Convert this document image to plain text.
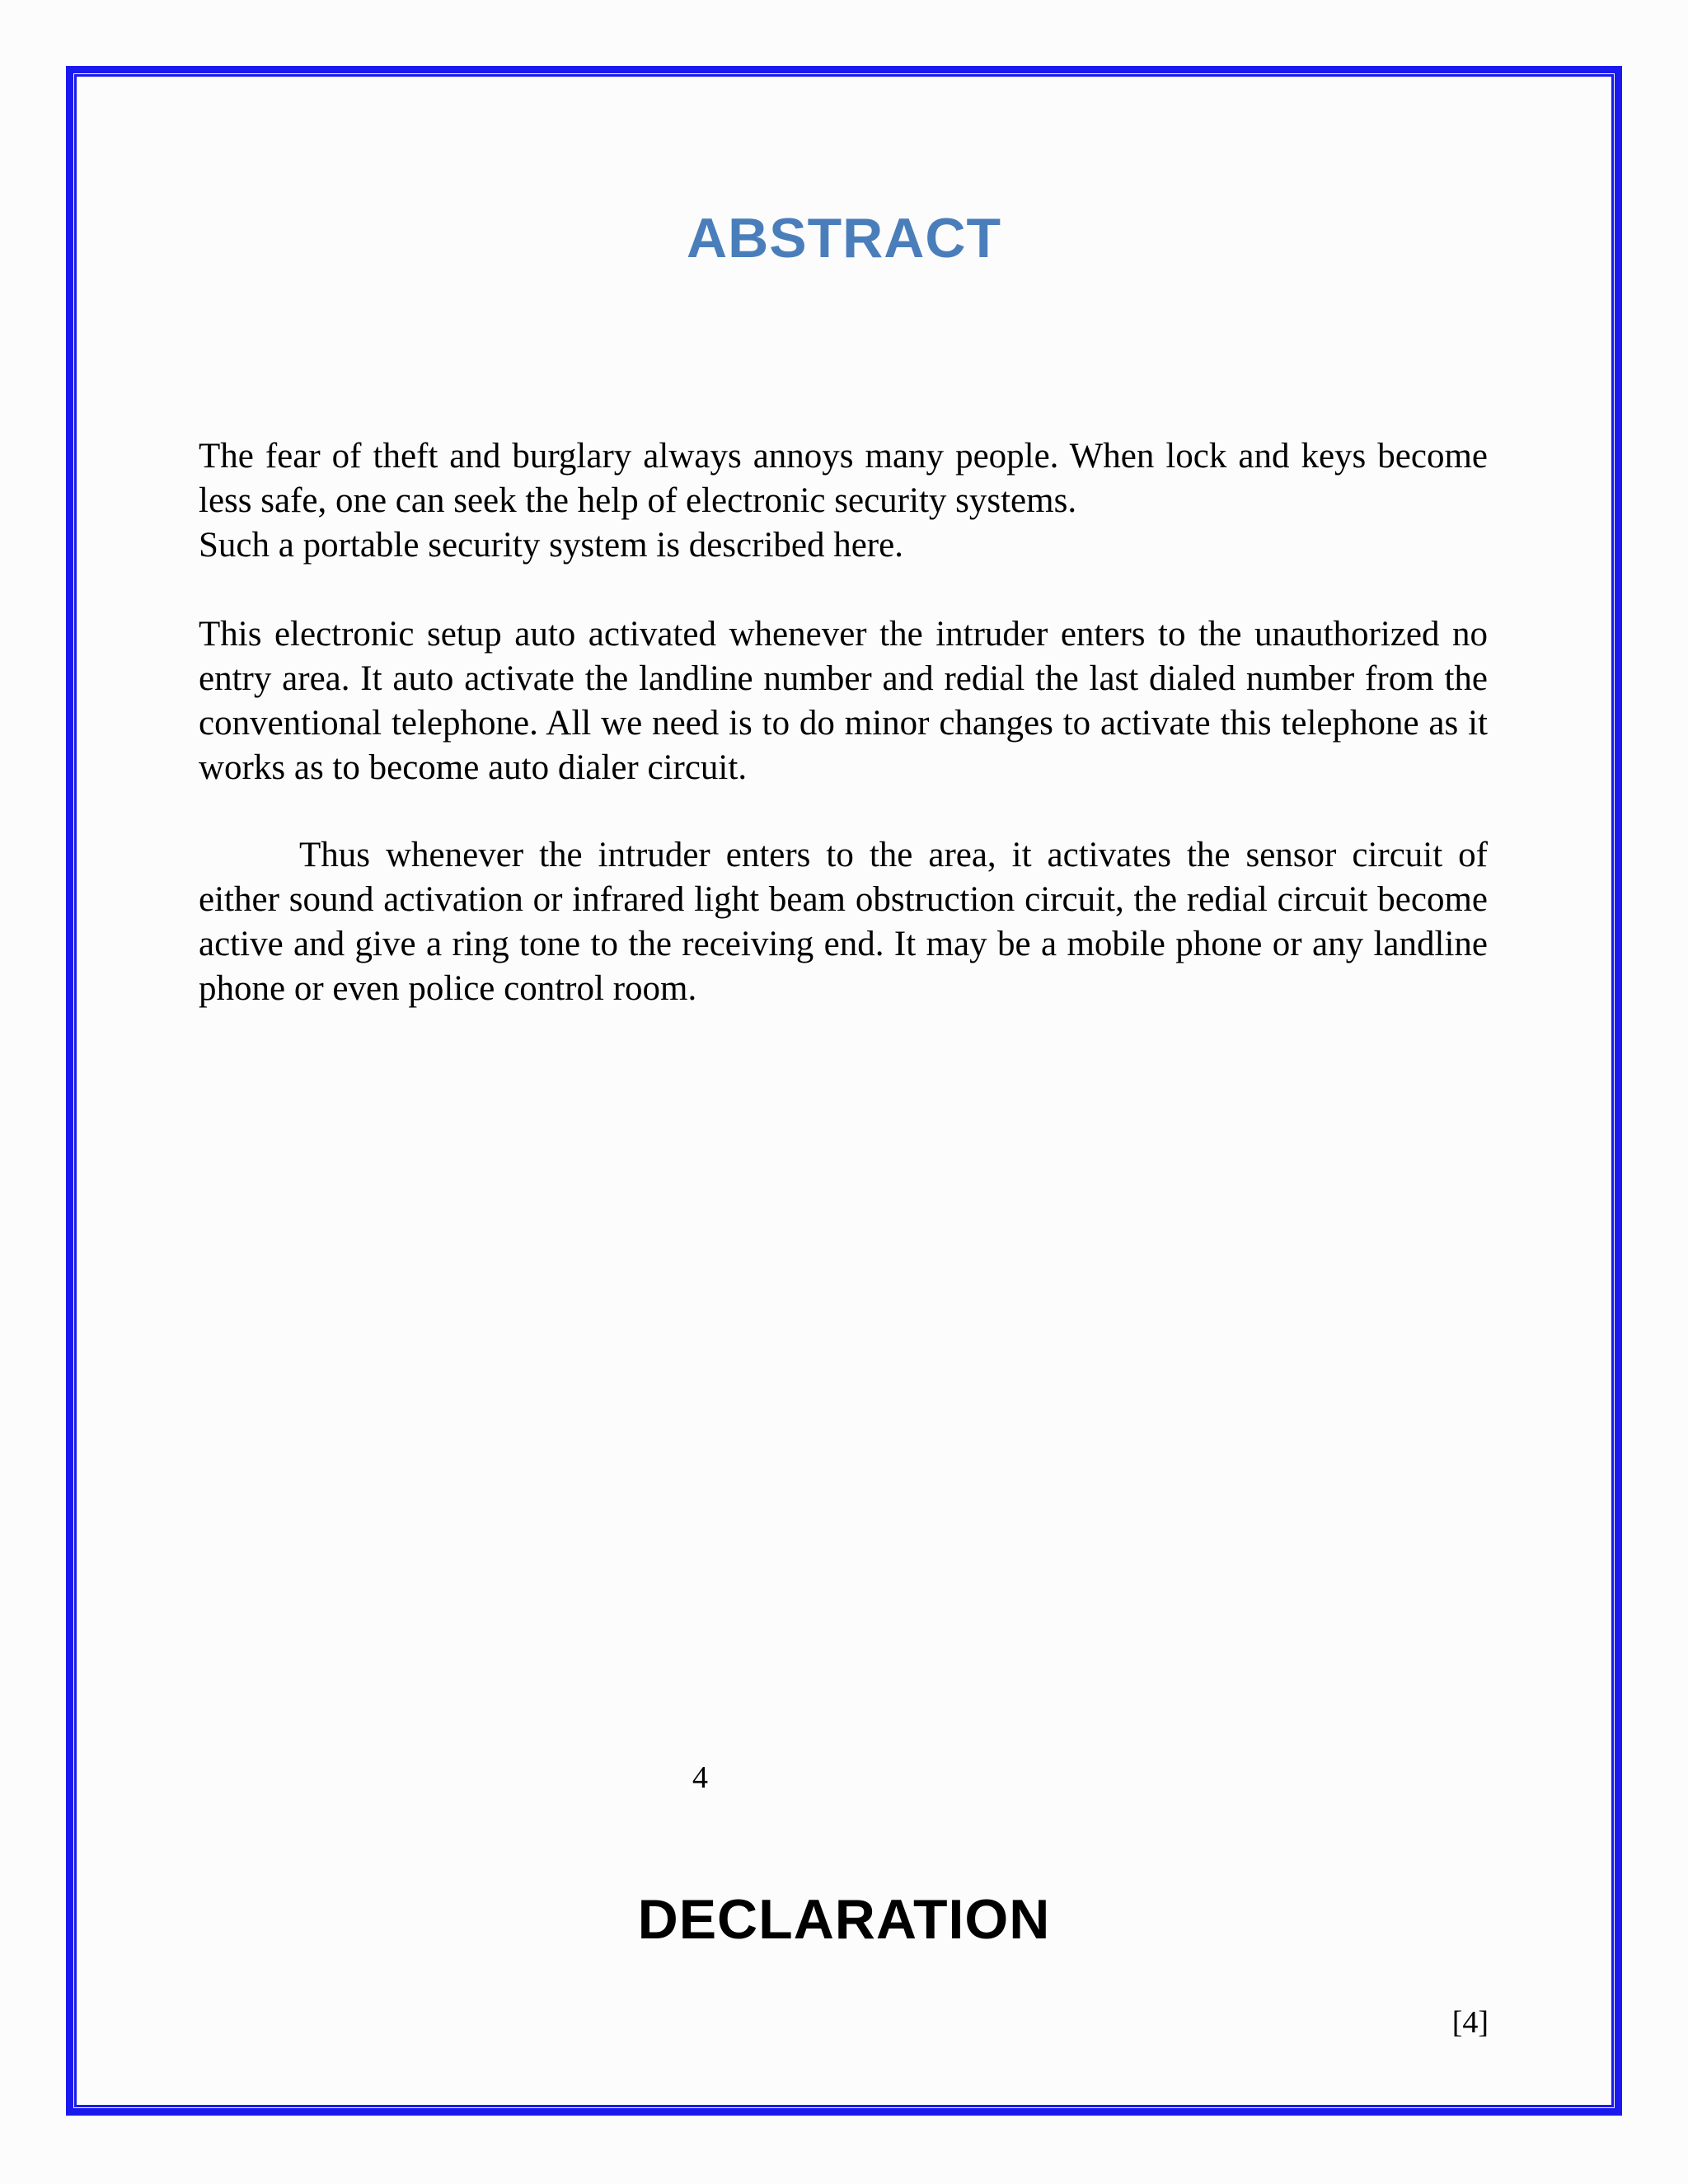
ABSTRACT

The fear of theft and burglary always annoys many people. When lock and keys become less safe, one can seek the help of electronic security systems.

Such a portable security system is described here.

This electronic setup auto activated whenever the intruder enters to the unauthorized no entry area. It auto activate the landline number and redial the last dialed number from the conventional telephone. All we need is to do minor changes to activate this telephone as it works as to become auto dialer circuit.

Thus whenever the intruder enters to the area, it activates the sensor circuit of either sound activation or infrared light beam obstruction circuit, the redial circuit become active and give a ring tone to the receiving end. It may be a mobile phone or any landline phone or even police control room.

4
DECLARATION
[4]
